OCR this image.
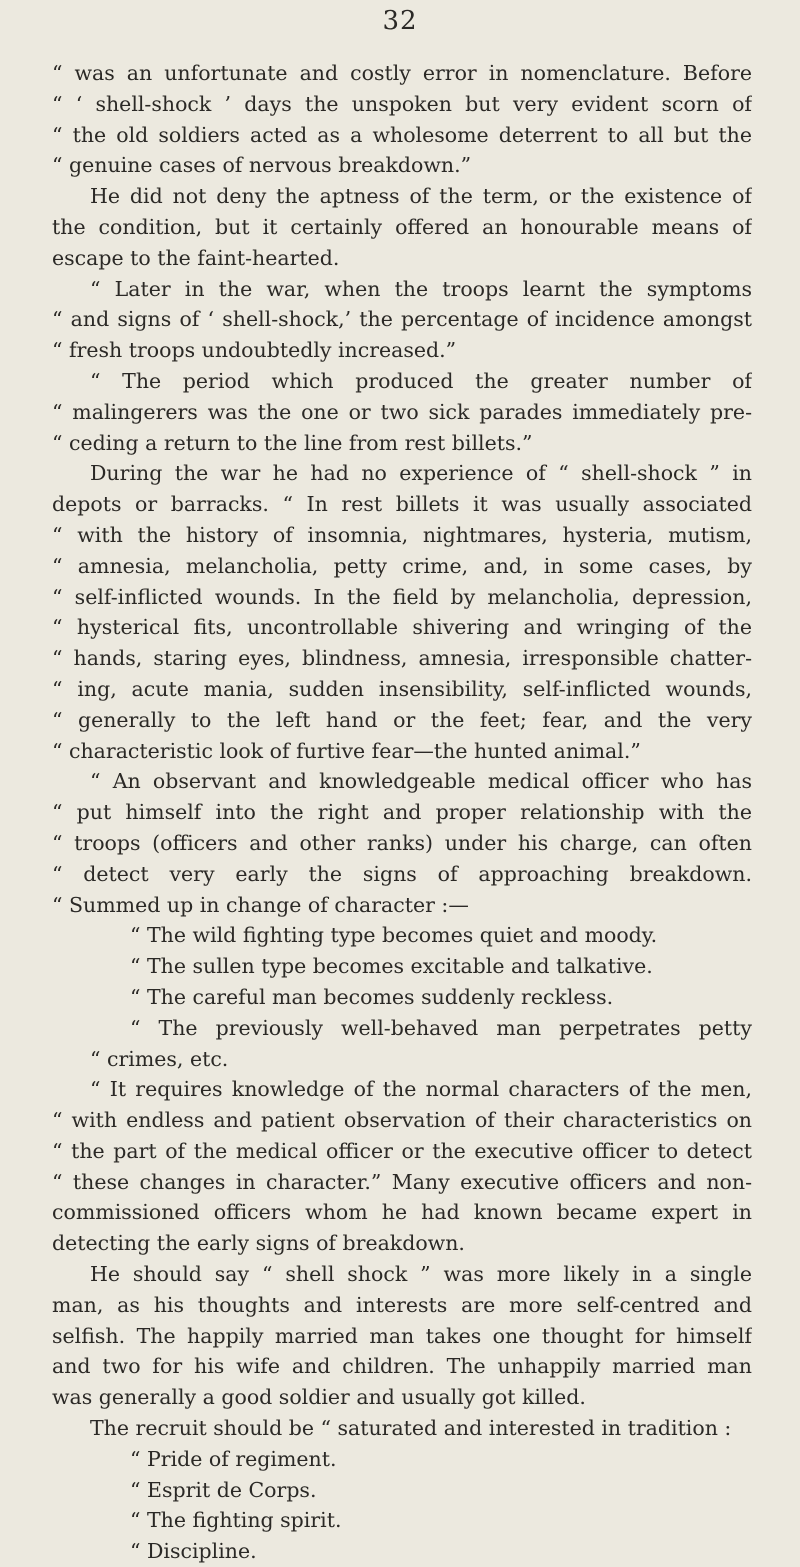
32
“ was an unfortunate and costly error in nomenclature. Before
“ ‘ shell-shock ’ days the unspoken but very evident scorn of
“ the old soldiers acted as a wholesome deterrent to all but the
“ genuine cases of nervous breakdown.”
He did not deny the aptness of the term, or the existence of
the condition, but it certainly offered an honourable means of
escape to the faint-hearted.
“ Later in the war, when the troops learnt the symptoms
“ and signs of ‘ shell-shock,’ the percentage of incidence amongst
“ fresh troops undoubtedly increased.”
“ The period which produced the greater number of
“ malingerers was the one or two sick parades immediately pre-
“ ceding a return to the line from rest billets.”
During the war he had no experience of “ shell-shock ” in
depots or barracks. “ In rest billets it was usually associated
“ with the history of insomnia, nightmares, hysteria, mutism,
“ amnesia, melancholia, petty crime, and, in some cases, by
“ self-inflicted wounds. In the field by melancholia, depression,
“ hysterical fits, uncontrollable shivering and wringing of the
“ hands, staring eyes, blindness, amnesia, irresponsible chatter-
“ ing, acute mania, sudden insensibility, self-inflicted wounds,
“ generally to the left hand or the feet; fear, and the very
“ characteristic look of furtive fear—the hunted animal.”
“ An observant and knowledgeable medical officer who has
“ put himself into the right and proper relationship with the
“ troops (officers and other ranks) under his charge, can often
“ detect very early the signs of approaching breakdown.
“ Summed up in change of character :—
“ The wild fighting type becomes quiet and moody.
“ The sullen type becomes excitable and talkative.
“ The careful man becomes suddenly reckless.
“ The previously well-behaved man perpetrates petty
“ crimes, etc.
“ It requires knowledge of the normal characters of the men,
“ with endless and patient observation of their characteristics on
“ the part of the medical officer or the executive officer to detect
“ these changes in character.” Many executive officers and non-
commissioned officers whom he had known became expert in
detecting the early signs of breakdown.
He should say “ shell shock ” was more likely in a single
man, as his thoughts and interests are more self-centred and
selfish. The happily married man takes one thought for himself
and two for his wife and children. The unhappily married man
was generally a good soldier and usually got killed.
The recruit should be “ saturated and interested in tradition :
“ Pride of regiment.
“ Esprit de Corps.
“ The fighting spirit.
“ Discipline.
